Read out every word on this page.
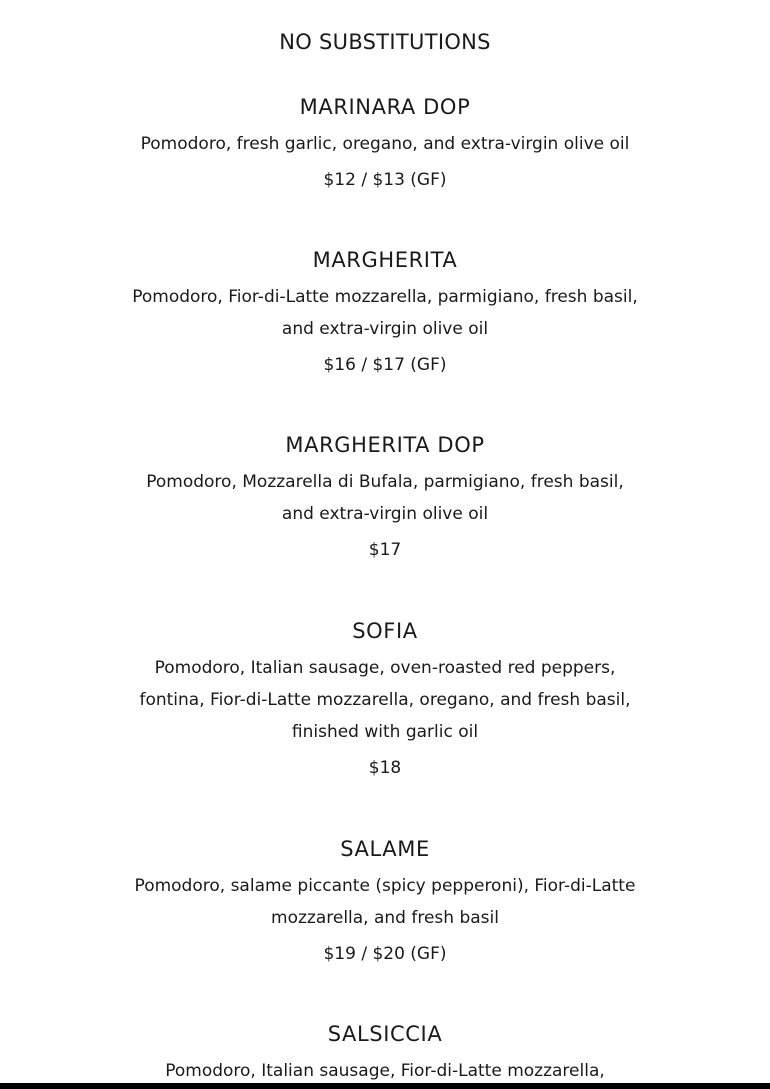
NO SUBSTITUTIONS
MARINARA DOP
Pomodoro, fresh garlic, oregano, and extra-virgin olive oil
$12 / $13 (GF)
MARGHERITA
Pomodoro, Fior-di-Latte mozzarella, parmigiano, fresh basil,
and extra-virgin olive oil
$16 / $17 (GF)
MARGHERITA DOP
Pomodoro, Mozzarella di Bufala, parmigiano, fresh basil,
and extra-virgin olive oil
$17
SOFIA
Pomodoro, Italian sausage, oven-roasted red peppers,
fontina, Fior-di-Latte mozzarella, oregano, and fresh basil,
finished with garlic oil
$18
SALAME
Pomodoro, salame piccante (spicy pepperoni), Fior-di-Latte
mozzarella, and fresh basil
$19 / $20 (GF)
SALSICCIA
Pomodoro, Italian sausage, Fior-di-Latte mozzarella,
